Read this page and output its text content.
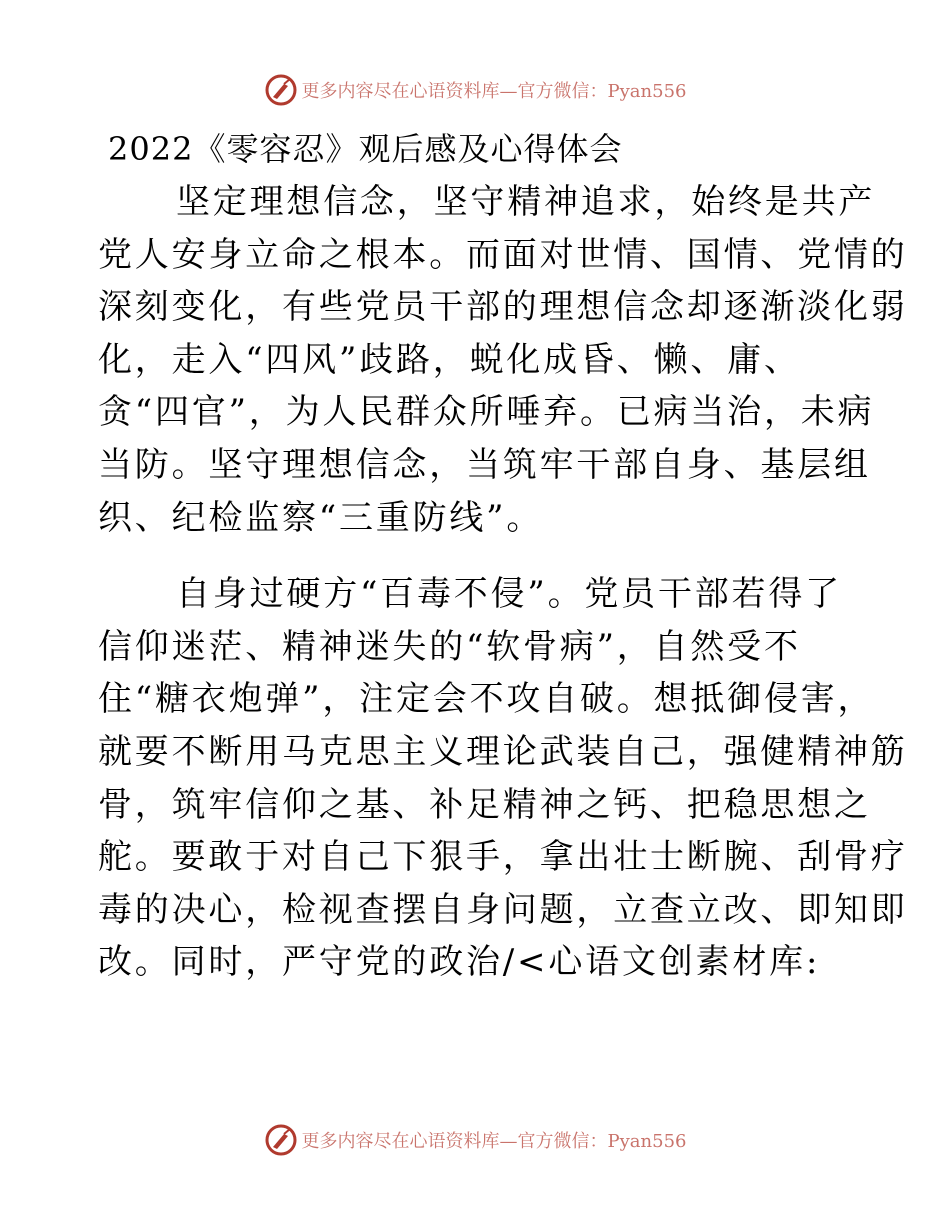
更多内容尽在心语资料库—官方微信：Pyan556
2022《零容忍》观后感及心得体会
坚定理想信念，坚守精神追求，始终是共产
党人安身立命之根本。而面对世情、国情、党情的
深刻变化，有些党员干部的理想信念却逐渐淡化弱
化，走入“四风”歧路，蜕化成昏、懒、庸、
贪“四官”，为人民群众所唾弃。已病当治，未病
当防。坚守理想信念，当筑牢干部自身、基层组
织、纪检监察“三重防线”。
自身过硬方“百毒不侵”。党员干部若得了
信仰迷茫、精神迷失的“软骨病”，自然受不
住“糖衣炮弹”，注定会不攻自破。想抵御侵害，
就要不断用马克思主义理论武装自己，强健精神筋
骨，筑牢信仰之基、补足精神之钙、把稳思想之
舵。要敢于对自己下狠手，拿出壮士断腕、刮骨疗
毒的决心，检视查摆自身问题，立查立改、即知即
改。同时，严守党的政治/<心语文创素材库:
更多内容尽在心语资料库—官方微信：Pyan556
